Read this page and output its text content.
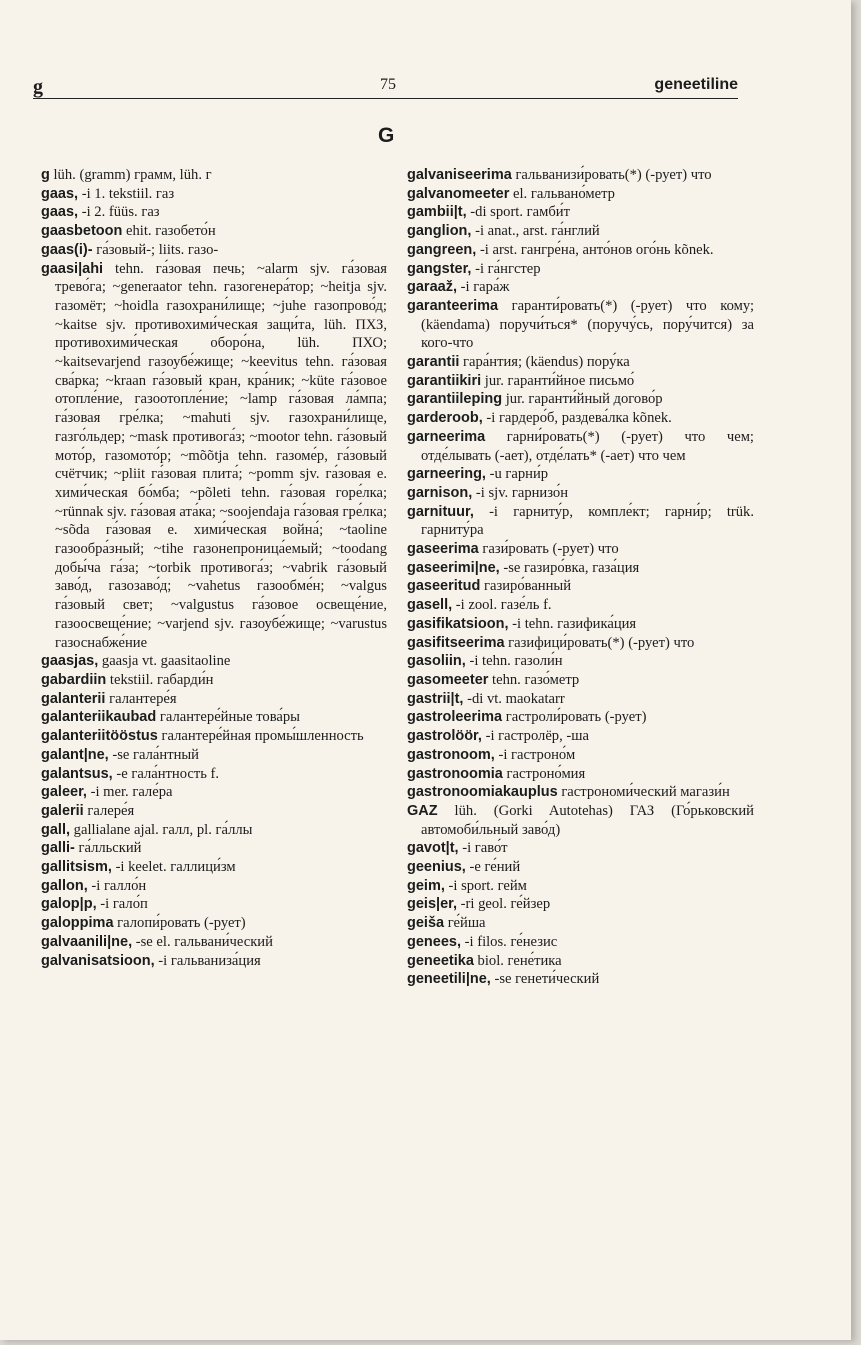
g	75	geneetiline
G

g lüh. (gramm) грамм, lüh. г

gaas, -i 1. tekstiil. газ

gaas, -i 2. füüs. газ

gaasbetoon ehit. газобето́н

gaas(i)- га́зовый-; liits. газо-

gaasi|ahi tehn. га́зовая печь; ~alarm sjv. га́зовая трево́га; ~generaator tehn. газогенера́тор; ~heitja sjv. газомёт; ~hoidla газохрани́лище; ~juhe газопрово́д; ~kaitse sjv. противохими́ческая защи́та, lüh. ПХЗ, противохими́ческая оборо́на, lüh. ПХО; ~kaitsevarjend газоубе́жище; ~keevitus tehn. га́зовая сва́рка; ~kraan га́зовый кран, кра́ник; ~küte га́зовое отопле́ние, газоотопле́ние; ~lamp га́зовая ла́мпа; га́зовая гре́лка; ~mahuti sjv. газохрани́лище, газго́льдер; ~mask противога́з; ~mootor tehn. га́зовый мото́р, газомото́р; ~mõõtja tehn. газоме́р, га́зовый счётчик; ~pliit га́зовая плита́; ~pomm sjv. га́зовая e. хими́ческая бо́мба; ~põleti tehn. га́зовая горе́лка; ~rünnak sjv. га́зовая ата́ка; ~soojendaja га́зовая гре́лка; ~sõda га́зовая e. хими́ческая война́; ~taoline газообра́зный; ~tihe газонепроница́емый; ~toodang добы́ча га́за; ~torbik противога́з; ~vabrik га́зовый заво́д, газозаво́д; ~vahetus газообме́н; ~valgus га́зовый свет; ~valgustus га́зовое освеще́ние, газоосвеще́ние; ~varjend sjv. газоубе́жище; ~varustus газоснабже́ние

gaasjas, gaasja vt. gaasitaoline

gabardiin tekstiil. габарди́н

galanterii галантере́я

galanteriikaubad галантере́йные това́ры

galanteriitööstus галантере́йная промы́шленность

galant|ne, -se гала́нтный

galantsus, -e гала́нтность f.

galeer, -i mer. гале́ра

galerii галере́я

gall, gallialane ajal. галл, pl. га́ллы

galli- га́лльский

gallitsism, -i keelet. галлици́зм

gallon, -i галло́н

galop|p, -i гало́п

galoppima галопи́ровать (-рует)

galvaanili|ne, -se el. гальвани́ческий

galvanisatsioon, -i гальваниза́ция

galvaniseerima гальванизи́ровать(*) (-рует) что

galvanomeeter el. гальвано́метр

gambii|t, -di sport. гамби́т

ganglion, -i anat., arst. га́нглий

gangreen, -i arst. гангре́на, анто́нов ого́нь kõnek.

gangster, -i га́нгстер

garaaž, -i гара́ж

garanteerima гаранти́ровать(*) (-рует) что кому; (käendama) поручи́ться* (поручу́сь, пору́чится) за кого-что

garantii гара́нтия; (käendus) пору́ка

garantiikiri jur. гаранти́йное письмо́

garantiileping jur. гаранти́йный догово́р

garderoob, -i гардеро́б, раздева́лка kõnek.

garneerima гарни́ровать(*) (-рует) что чем; отде́лывать (-ает), отде́лать* (-ает) что чем

garneering, -u гарни́р

garnison, -i sjv. гарнизо́н

garnituur, -i гарниту́р, компле́кт; гарни́р; trük. гарниту́ра

gaseerima гази́ровать (-рует) что

gaseerimi|ne, -se газиро́вка, газа́ция

gaseeritud газиро́ванный

gasell, -i zool. газе́ль f.

gasifikatsioon, -i tehn. газифика́ция

gasifitseerima газифици́ровать(*) (-рует) что

gasoliin, -i tehn. газоли́н

gasomeeter tehn. газо́метр

gastrii|t, -di vt. maokatarr

gastroleerima гастроли́ровать (-рует)

gastrolöör, -i гастролёр, -ша

gastronoom, -i гастроно́м

gastronoomia гастроно́мия

gastronoomiakauplus гастрономи́ческий магази́н

GAZ lüh. (Gorki Autotehas) ГАЗ (Го́рьковский автомоби́льный заво́д)

gavot|t, -i гаво́т

geenius, -e ге́ний

geim, -i sport. гейм

geis|er, -ri geol. ге́йзер

geiša ге́йша

genees, -i filos. ге́незис

geneetika biol. гене́тика

geneetili|ne, -se генети́ческий
